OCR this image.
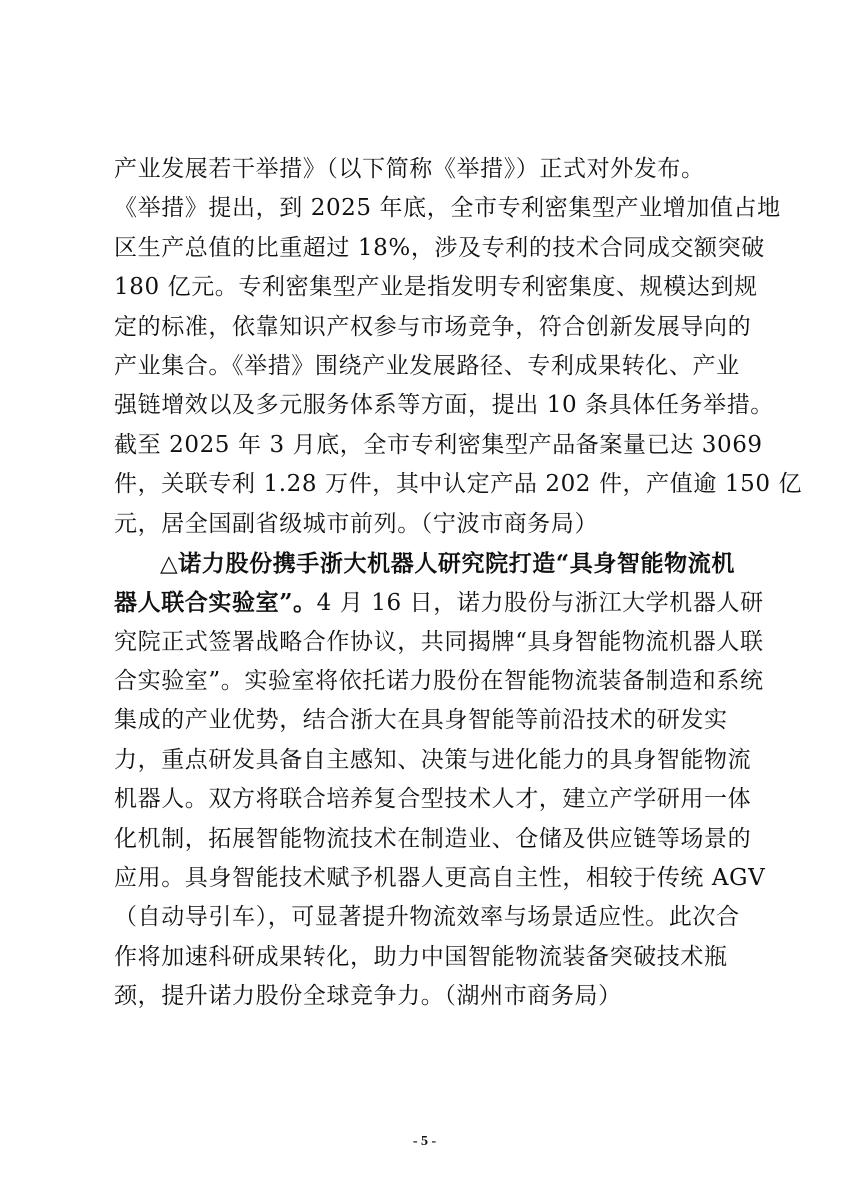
产业发展若干举措》（以下简称《举措》）正式对外发布。
《举措》提出，到 2025 年底，全市专利密集型产业增加值占地
区生产总值的比重超过 18%，涉及专利的技术合同成交额突破
180 亿元。专利密集型产业是指发明专利密集度、规模达到规
定的标准，依靠知识产权参与市场竞争，符合创新发展导向的
产业集合。《举措》围绕产业发展路径、专利成果转化、产业
强链增效以及多元服务体系等方面，提出 10 条具体任务举措。
截至 2025 年 3 月底，全市专利密集型产品备案量已达 3069
件，关联专利 1.28 万件，其中认定产品 202 件，产值逾 150 亿
元，居全国副省级城市前列。（宁波市商务局）
△诺力股份携手浙大机器人研究院打造“具身智能物流机
器人联合实验室”。4 月 16 日，诺力股份与浙江大学机器人研
究院正式签署战略合作协议，共同揭牌“具身智能物流机器人联
合实验室”。实验室将依托诺力股份在智能物流装备制造和系统
集成的产业优势，结合浙大在具身智能等前沿技术的研发实
力，重点研发具备自主感知、决策与进化能力的具身智能物流
机器人。双方将联合培养复合型技术人才，建立产学研用一体
化机制，拓展智能物流技术在制造业、仓储及供应链等场景的
应用。具身智能技术赋予机器人更高自主性，相较于传统 AGV
（自动导引车），可显著提升物流效率与场景适应性。此次合
作将加速科研成果转化，助力中国智能物流装备突破技术瓶
颈，提升诺力股份全球竞争力。（湖州市商务局）
- 5 -
